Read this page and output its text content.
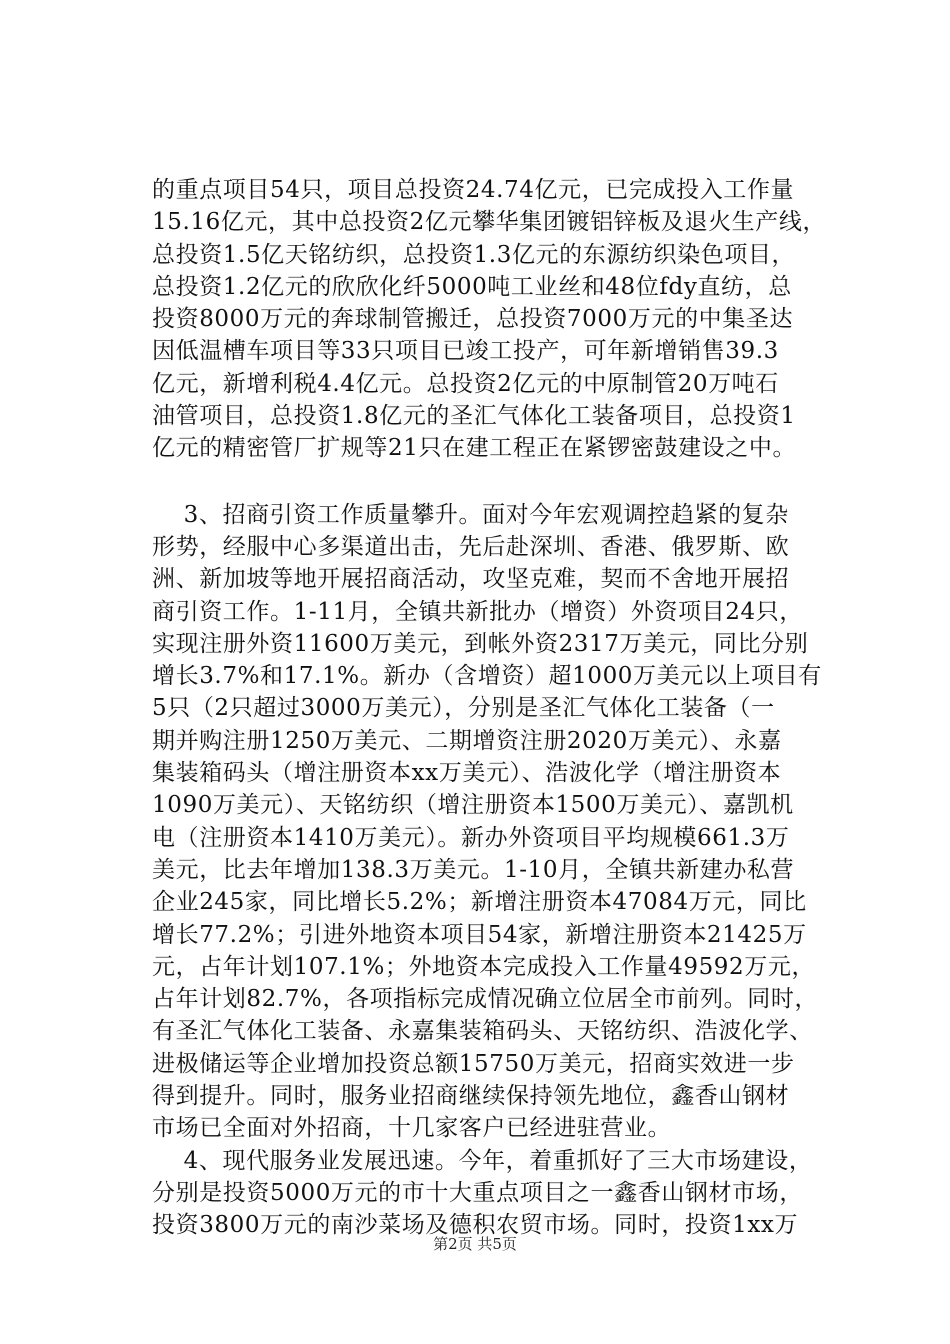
的重点项目54只，项目总投资24.74亿元，已完成投入工作量
15.16亿元，其中总投资2亿元攀华集团镀铝锌板及退火生产线，
总投资1.5亿天铭纺织，总投资1.3亿元的东源纺织染色项目，
总投资1.2亿元的欣欣化纤5000吨工业丝和48位fdy直纺，总
投资8000万元的奔球制管搬迁，总投资7000万元的中集圣达
因低温槽车项目等33只项目已竣工投产，可年新增销售39.3
亿元，新增利税4.4亿元。总投资2亿元的中原制管20万吨石
油管项目，总投资1.8亿元的圣汇气体化工装备项目，总投资1
亿元的精密管厂扩规等21只在建工程正在紧锣密鼓建设之中。
3、招商引资工作质量攀升。面对今年宏观调控趋紧的复杂
形势，经服中心多渠道出击，先后赴深圳、香港、俄罗斯、欧
洲、新加坡等地开展招商活动，攻坚克难，契而不舍地开展招
商引资工作。1-11月，全镇共新批办（增资）外资项目24只，
实现注册外资11600万美元，到帐外资2317万美元，同比分别
增长3.7%和17.1%。新办（含增资）超1000万美元以上项目有
5只（2只超过3000万美元），分别是圣汇气体化工装备（一
期并购注册1250万美元、二期增资注册2020万美元）、永嘉
集装箱码头（增注册资本xx万美元）、浩波化学（增注册资本
1090万美元）、天铭纺织（增注册资本1500万美元）、嘉凯机
电（注册资本1410万美元）。新办外资项目平均规模661.3万
美元，比去年增加138.3万美元。1-10月，全镇共新建办私营
企业245家，同比增长5.2%；新增注册资本47084万元，同比
增长77.2%；引进外地资本项目54家，新增注册资本21425万
元，占年计划107.1%；外地资本完成投入工作量49592万元，
占年计划82.7%，各项指标完成情况确立位居全市前列。同时，
有圣汇气体化工装备、永嘉集装箱码头、天铭纺织、浩波化学、
进极储运等企业增加投资总额15750万美元，招商实效进一步
得到提升。同时，服务业招商继续保持领先地位，鑫香山钢材
市场已全面对外招商，十几家客户已经进驻营业。
4、现代服务业发展迅速。今年，着重抓好了三大市场建设，
分别是投资5000万元的市十大重点项目之一鑫香山钢材市场，
投资3800万元的南沙菜场及德积农贸市场。同时，投资1xx万
第2页 共5页
